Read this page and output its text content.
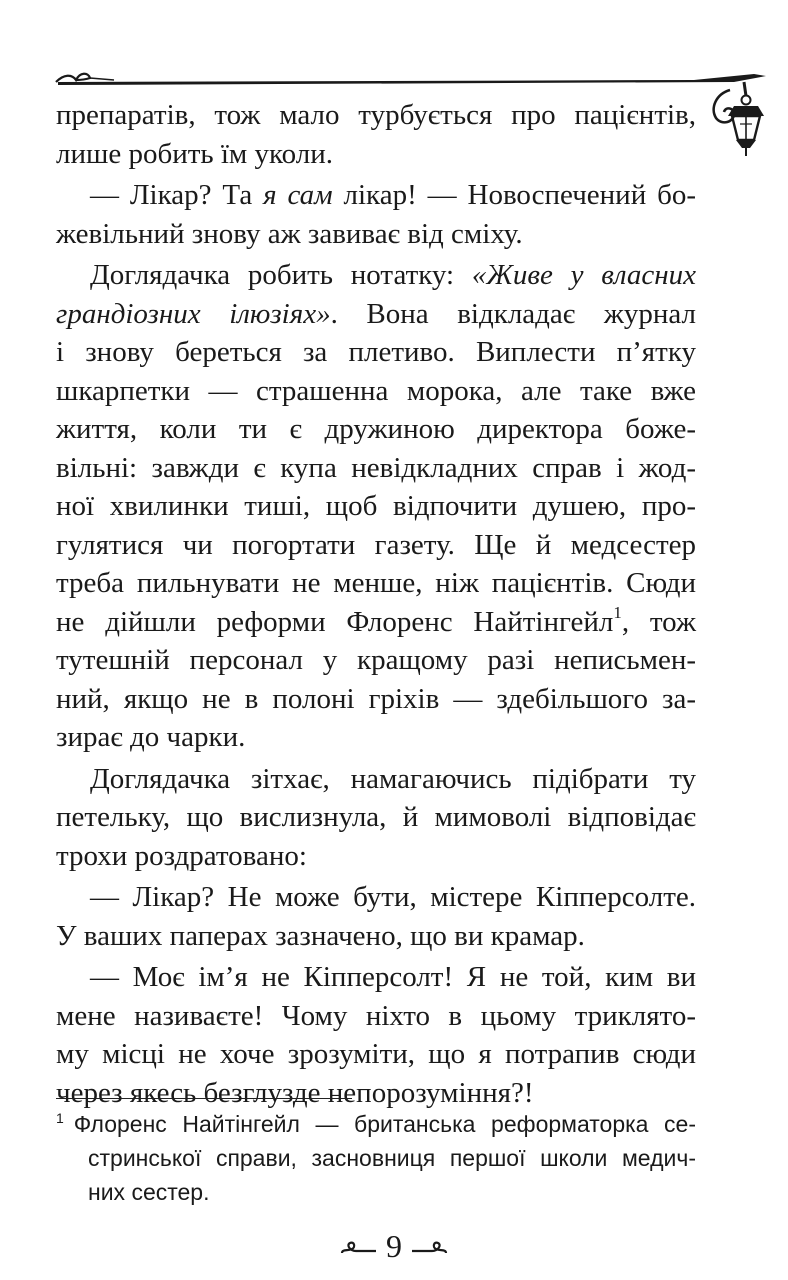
препаратів, тож мало турбується про пацієнтів,
лише робить їм уколи.

— Лікар? Та я сам лікар! — Новоспечений бо-
жевільний знову аж завиває від сміху.

Доглядачка робить нотатку: «Живе у власних
грандіозних ілюзіях». Вона відкладає журнал
і знову береться за плетиво. Виплести п’ятку
шкарпетки — страшенна морока, але таке вже
життя, коли ти є дружиною директора боже-
вільні: завжди є купа невідкладних справ і жод-
ної хвилинки тиші, щоб відпочити душею, про-
гулятися чи погортати газету. Ще й медсестер
треба пильнувати не менше, ніж пацієнтів. Сюди
не дійшли реформи Флоренс Найтінгейл$^1$, тож
тутешній персонал у кращому разі неписьмен-
ний, якщо не в полоні гріхів — здебільшого за-
зирає до чарки.

Доглядачка зітхає, намагаючись підібрати ту
петельку, що вислизнула, й мимоволі відповідає
трохи роздратовано:

— Лікар? Не може бути, містере Кіпперсолте.
У ваших паперах зазначено, що ви крамар.

— Моє ім’я не Кіпперсолт! Я не той, ким ви
мене називаєте! Чому ніхто в цьому триклято-
му місці не хоче зрозуміти, що я потрапив сюди
через якесь безглузде непорозуміння?!

$^1$ Флоренс Найтінгейл — британська реформаторка се-
стринської справи, засновниця першої школи медич-
них сестер.
9
